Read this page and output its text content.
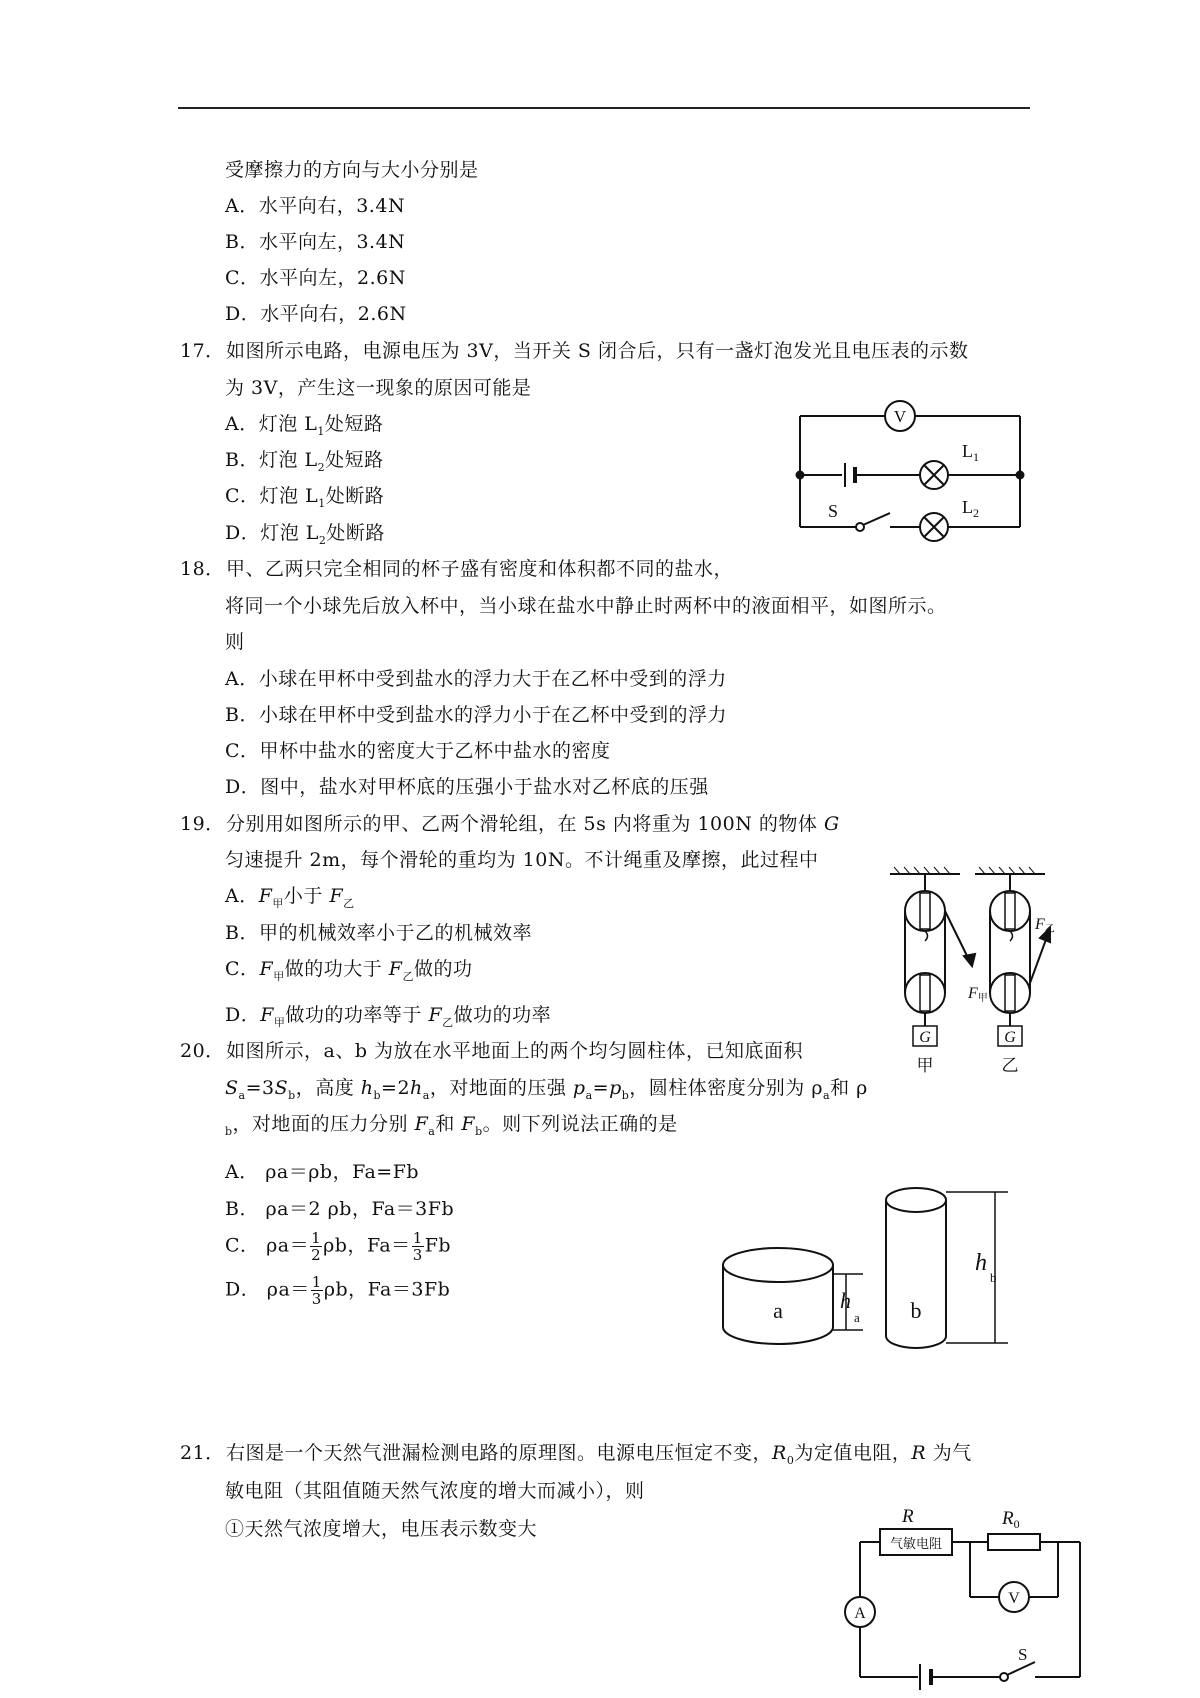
受摩擦力的方向与大小分别是
A．水平向右，3.4N
B．水平向左，3.4N
C．水平向左，2.6N
D．水平向右，2.6N
17．如图所示电路，电源电压为 3V，当开关 S 闭合后，只有一盏灯泡发光且电压表的示数
为 3V，产生这一现象的原因可能是
A．灯泡 $L_1$处短路
B．灯泡 $L_2$处短路
C．灯泡 $L_1$处断路
D．灯泡 $L_2$处断路
V
$L_1$
S	$L_2$
18．甲、乙两只完全相同的杯子盛有密度和体积都不同的盐水，
将同一个小球先后放入杯中，当小球在盐水中静止时两杯中的液面相平，如图所示。
则
A．小球在甲杯中受到盐水的浮力大于在乙杯中受到的浮力
B．小球在甲杯中受到盐水的浮力小于在乙杯中受到的浮力
C．甲杯中盐水的密度大于乙杯中盐水的密度
D．图中，盐水对甲杯底的压强小于盐水对乙杯底的压强
19．分别用如图所示的甲、乙两个滑轮组，在 5s 内将重为 100N 的物体 G
匀速提升 2m，每个滑轮的重均为 10N。不计绳重及摩擦，此过程中
A．$F_甲$小于 $F_乙$
B．甲的机械效率小于乙的机械效率
C．$F_甲$做的功大于 $F_乙$做的功
D．$F_甲$做功的功率等于 $F_乙$做功的功率
G
F甲
甲
G
F乙
乙
20．如图所示，a、b 为放在水平地面上的两个均匀圆柱体，已知底面积
$S_a=3S_b$，高度 $h_b=2h_a$，对地面的压强 $p_a=p_b$，圆柱体密度分别为 $\rho_a$和 ρ
$_b$，对地面的压力分别 $F_a$和 $F_b$。则下列说法正确的是
A． ρa＝ρb，Fa=Fb
B． ρa＝2 ρb，Fa＝3Fb
C． $\rho a= \frac{1}{2}$ ρb，$Fa= \frac{1}{3}$ Fb
D． $\rho a= \frac{1}{3}$ ρb，Fa＝3Fb
a	h
a b
h
b
21．右图是一个天然气泄漏检测电路的原理图。电源电压恒定不变，$R_0$为定值电阻，R 为气
敏电阻（其阻值随天然气浓度的增大而减小），则
①天然气浓度增大，电压表示数变大
R
气敏电阻
$R_0$
V
A
S
